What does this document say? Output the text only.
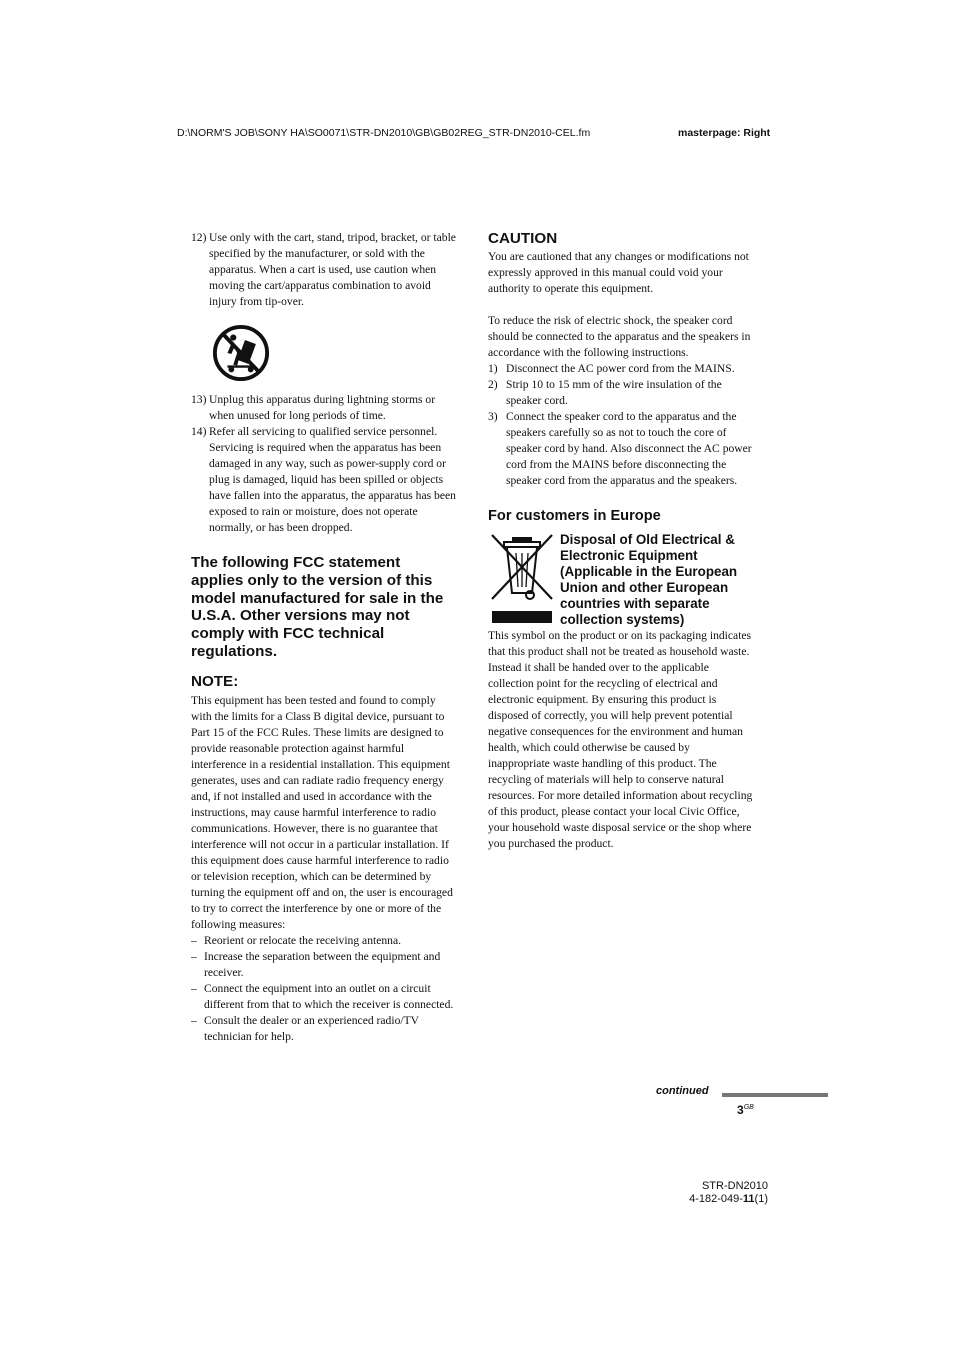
D:\NORM'S JOB\SONY HA\SO0071\STR-DN2010\GB\GB02REG_STR-DN2010-CEL.fm	masterpage: Right
12) Use only with the cart, stand, tripod, bracket, or table specified by the manufacturer, or sold with the apparatus. When a cart is used, use caution when moving the cart/apparatus combination to avoid injury from tip-over.
13) Unplug this apparatus during lightning storms or when unused for long periods of time.
14) Refer all servicing to qualified service personnel. Servicing is required when the apparatus has been damaged in any way, such as power-supply cord or plug is damaged, liquid has been spilled or objects have fallen into the apparatus, the apparatus has been exposed to rain or moisture, does not operate normally, or has been dropped.
The following FCC statement applies only to the version of this model manufactured for sale in the U.S.A. Other versions may not comply with FCC technical regulations.
NOTE:
This equipment has been tested and found to comply with the limits for a Class B digital device, pursuant to Part 15 of the FCC Rules. These limits are designed to provide reasonable protection against harmful interference in a residential installation. This equipment generates, uses and can radiate radio frequency energy and, if not installed and used in accordance with the instructions, may cause harmful interference to radio communications. However, there is no guarantee that interference will not occur in a particular installation. If this equipment does cause harmful interference to radio or television reception, which can be determined by turning the equipment off and on, the user is encouraged to try to correct the interference by one or more of the following measures:
– Reorient or relocate the receiving antenna.
– Increase the separation between the equipment and receiver.
– Connect the equipment into an outlet on a circuit different from that to which the receiver is connected.
– Consult the dealer or an experienced radio/TV technician for help.
CAUTION
You are cautioned that any changes or modifications not expressly approved in this manual could void your authority to operate this equipment.
To reduce the risk of electric shock, the speaker cord should be connected to the apparatus and the speakers in accordance with the following instructions.
1) Disconnect the AC power cord from the MAINS.
2) Strip 10 to 15 mm of the wire insulation of the speaker cord.
3) Connect the speaker cord to the apparatus and the speakers carefully so as not to touch the core of speaker cord by hand. Also disconnect the AC power cord from the MAINS before disconnecting the speaker cord from the apparatus and the speakers.
For customers in Europe
Disposal of Old Electrical & Electronic Equipment (Applicable in the European Union and other European countries with separate collection systems)
This symbol on the product or on its packaging indicates that this product shall not be treated as household waste. Instead it shall be handed over to the applicable collection point for the recycling of electrical and electronic equipment. By ensuring this product is disposed of correctly, you will help prevent potential negative consequences for the environment and human health, which could otherwise be caused by inappropriate waste handling of this product. The recycling of materials will help to conserve natural resources. For more detailed information about recycling of this product, please contact your local Civic Office, your household waste disposal service or the shop where you purchased the product.
continued
$3^{GB}$
STR-DN2010
4-182-049-11(1)
